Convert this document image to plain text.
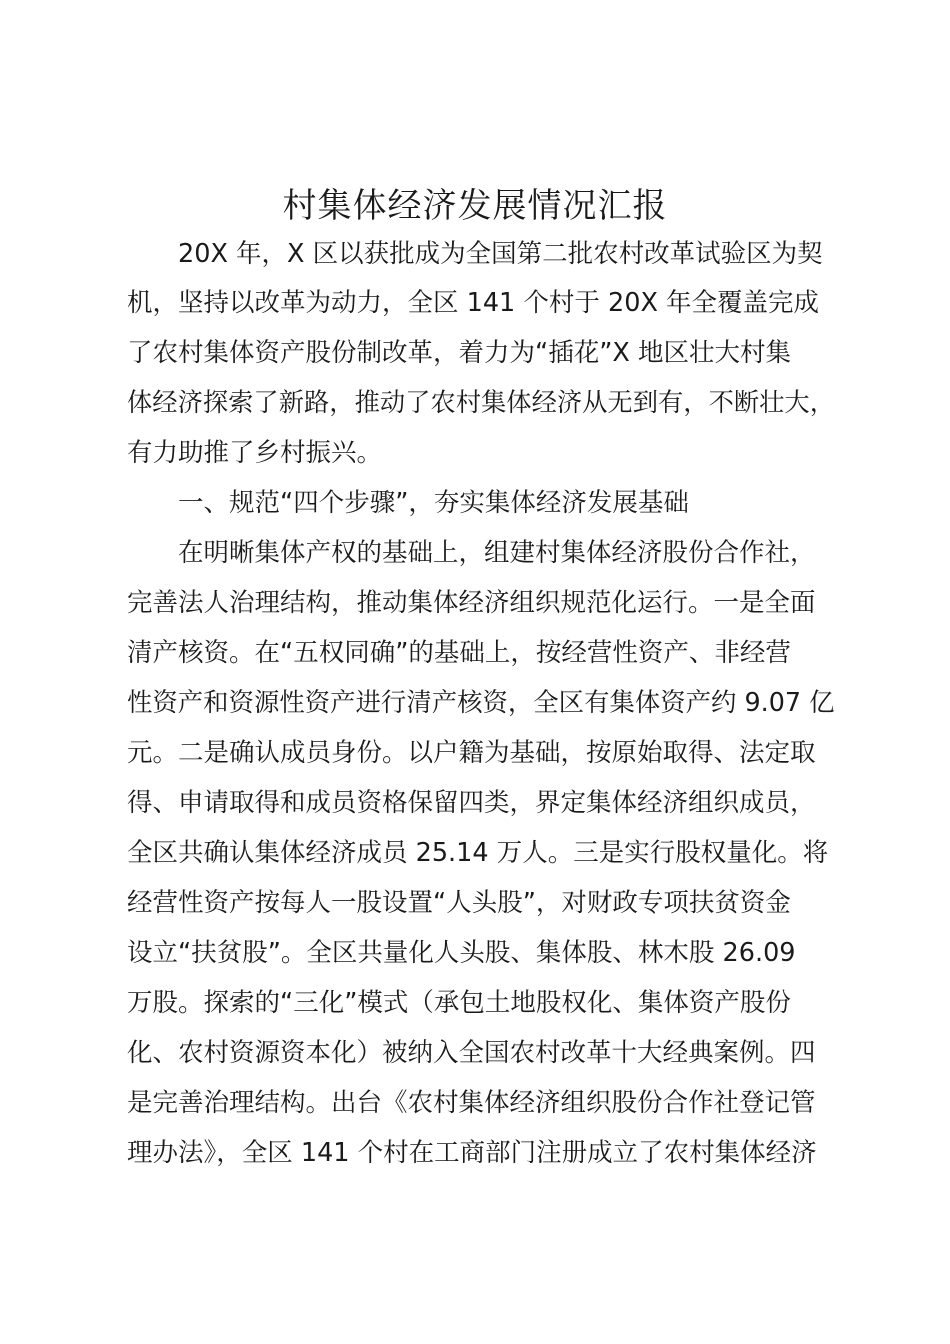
村集体经济发展情况汇报
20X 年，X 区以获批成为全国第二批农村改革试验区为契
机，坚持以改革为动力，全区 141 个村于 20X 年全覆盖完成
了农村集体资产股份制改革，着力为“插花”X 地区壮大村集
体经济探索了新路，推动了农村集体经济从无到有，不断壮大，
有力助推了乡村振兴。
一、规范“四个步骤”，夯实集体经济发展基础
在明晰集体产权的基础上，组建村集体经济股份合作社，
完善法人治理结构，推动集体经济组织规范化运行。一是全面
清产核资。在“五权同确”的基础上，按经营性资产、非经营
性资产和资源性资产进行清产核资，全区有集体资产约 9.07 亿
元。二是确认成员身份。以户籍为基础，按原始取得、法定取
得、申请取得和成员资格保留四类，界定集体经济组织成员，
全区共确认集体经济成员 25.14 万人。三是实行股权量化。将
经营性资产按每人一股设置“人头股”，对财政专项扶贫资金
设立“扶贫股”。全区共量化人头股、集体股、林木股 26.09
万股。探索的“三化”模式（承包土地股权化、集体资产股份
化、农村资源资本化）被纳入全国农村改革十大经典案例。四
是完善治理结构。出台《农村集体经济组织股份合作社登记管
理办法》，全区 141 个村在工商部门注册成立了农村集体经济
